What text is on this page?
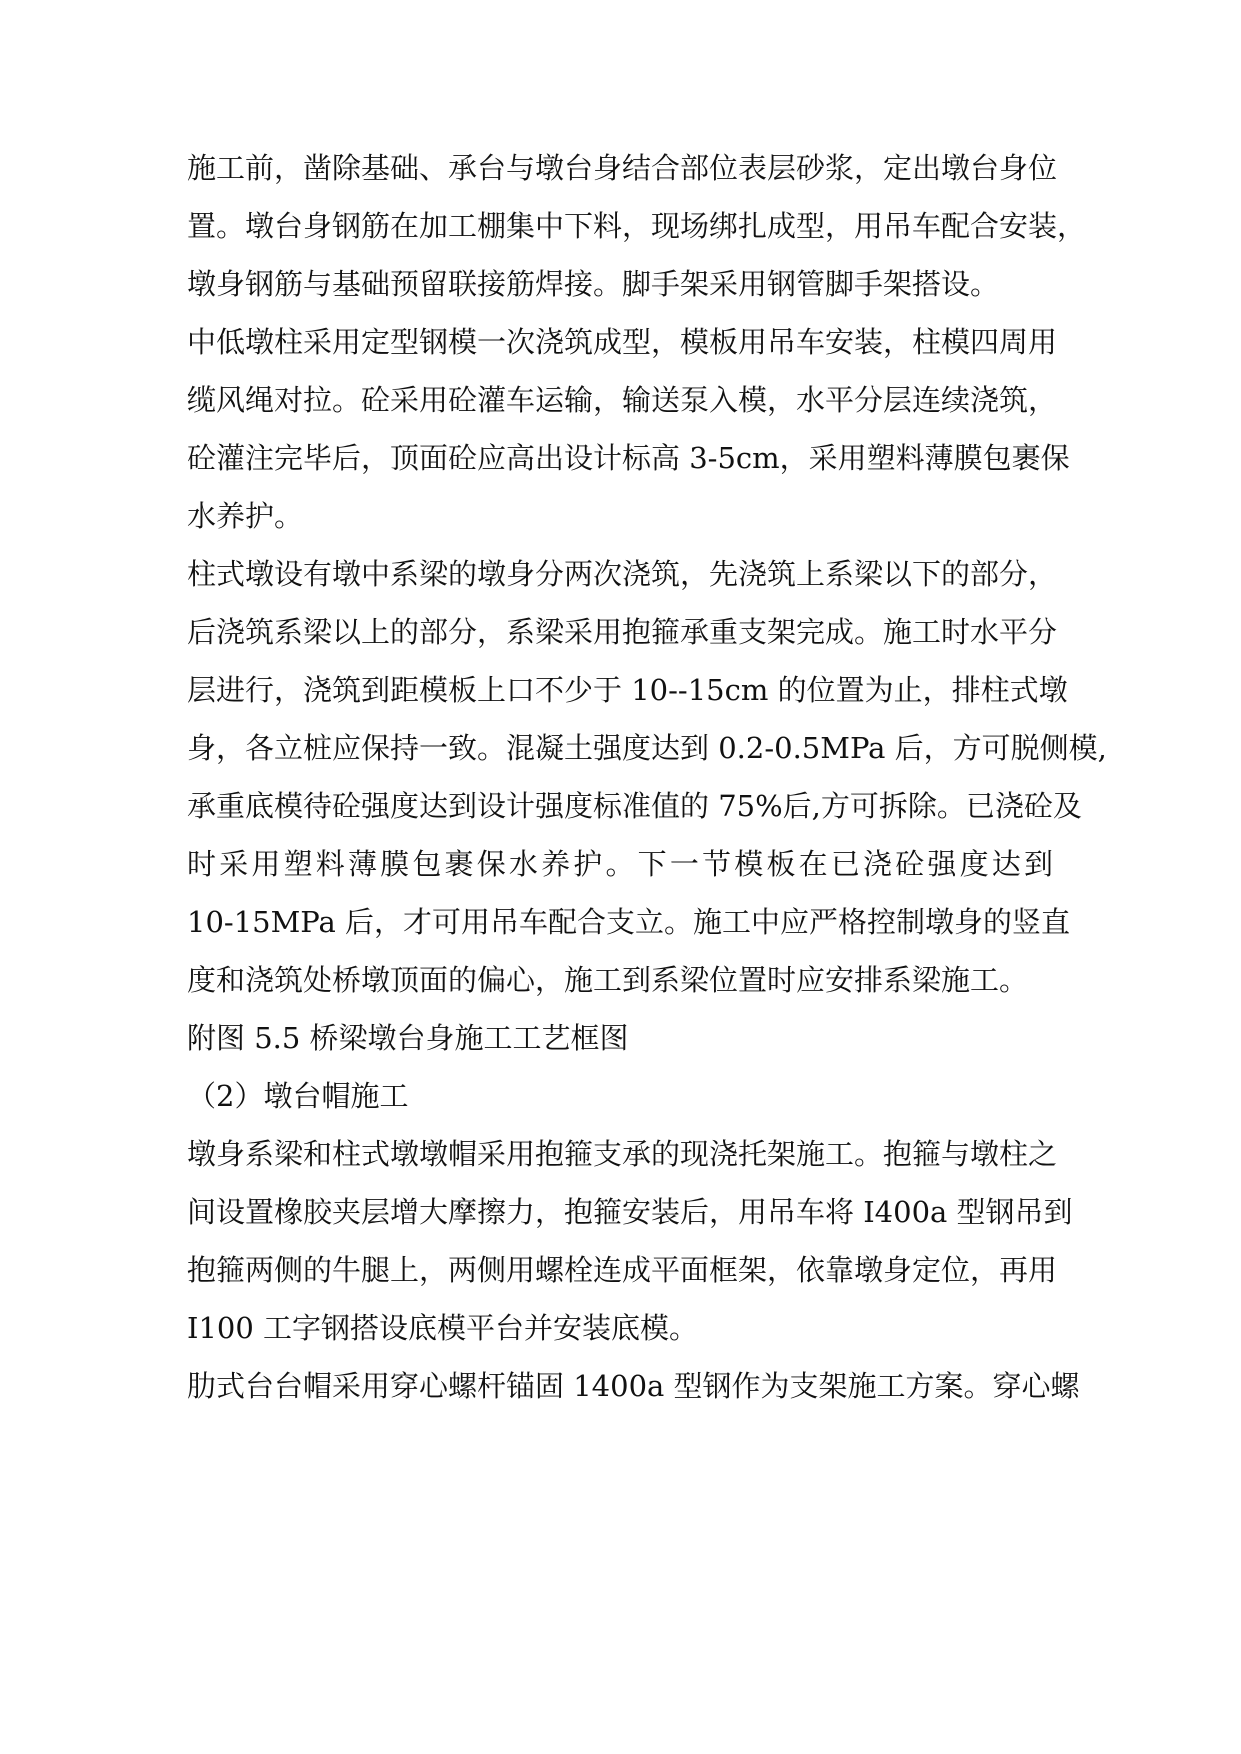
施工前，凿除基础、承台与墩台身结合部位表层砂浆，定出墩台身位
置。墩台身钢筋在加工棚集中下料，现场绑扎成型，用吊车配合安装，
墩身钢筋与基础预留联接筋焊接。脚手架采用钢管脚手架搭设。
中低墩柱采用定型钢模一次浇筑成型，模板用吊车安装，柱模四周用
缆风绳对拉。砼采用砼灌车运输，输送泵入模，水平分层连续浇筑，
砼灌注完毕后，顶面砼应高出设计标高 3-5cm，采用塑料薄膜包裹保
水养护。
柱式墩设有墩中系梁的墩身分两次浇筑，先浇筑上系梁以下的部分，
后浇筑系梁以上的部分，系梁采用抱箍承重支架完成。施工时水平分
层进行，浇筑到距模板上口不少于 10--15cm 的位置为止，排柱式墩
身，各立桩应保持一致。混凝土强度达到 0.2-0.5MPa 后，方可脱侧模,
承重底模待砼强度达到设计强度标准值的 75%后,方可拆除。已浇砼及
时采用塑料薄膜包裹保水养护。下一节模板在已浇砼强度达到
10-15MPa 后，才可用吊车配合支立。施工中应严格控制墩身的竖直
度和浇筑处桥墩顶面的偏心，施工到系梁位置时应安排系梁施工。
附图 5.5 桥梁墩台身施工工艺框图
（2）墩台帽施工
墩身系梁和柱式墩墩帽采用抱箍支承的现浇托架施工。抱箍与墩柱之
间设置橡胶夹层增大摩擦力，抱箍安装后，用吊车将 I400a 型钢吊到
抱箍两侧的牛腿上，两侧用螺栓连成平面框架，依靠墩身定位，再用
I100 工字钢搭设底模平台并安装底模。
肋式台台帽采用穿心螺杆锚固 1400a 型钢作为支架施工方案。穿心螺
